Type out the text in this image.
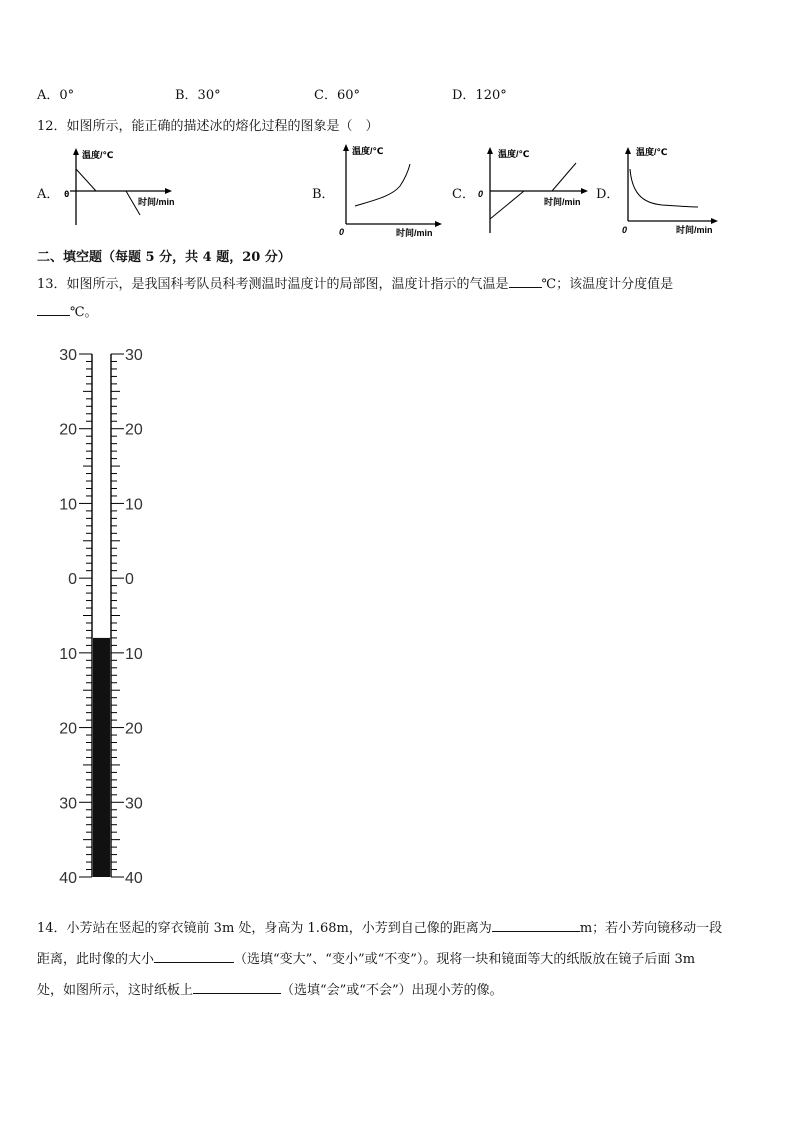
A．0°	B．30°	C．60°	D．120°
12．如图所示，能正确的描述冰的熔化过程的图象是（　）
A． 0
温度/℃
时间/min	B．
0
温度/℃
时间/min
C． 0
温度/℃
时间/min D．
0
温度/℃
时间/min
二、填空题（每题 5 分，共 4 题，20 分）
13．如图所示，是我国科考队员科考测温时温度计的局部图，温度计指示的气温是	℃；该温度计分度值是
℃。
30	30
20	20
10	10
0	0
10	10
20	20
30	30
40	40
14．小芳站在竖起的穿衣镜前 3m 处，身高为 1.68m，小芳到自己像的距离为	m；若小芳向镜移动一段
距离，此时像的大小	（选填“变大”、“变小”或“不变”）。现将一块和镜面等大的纸版放在镜子后面 3m
处，如图所示，这时纸板上	（选填“会”或“不会”）出现小芳的像。
